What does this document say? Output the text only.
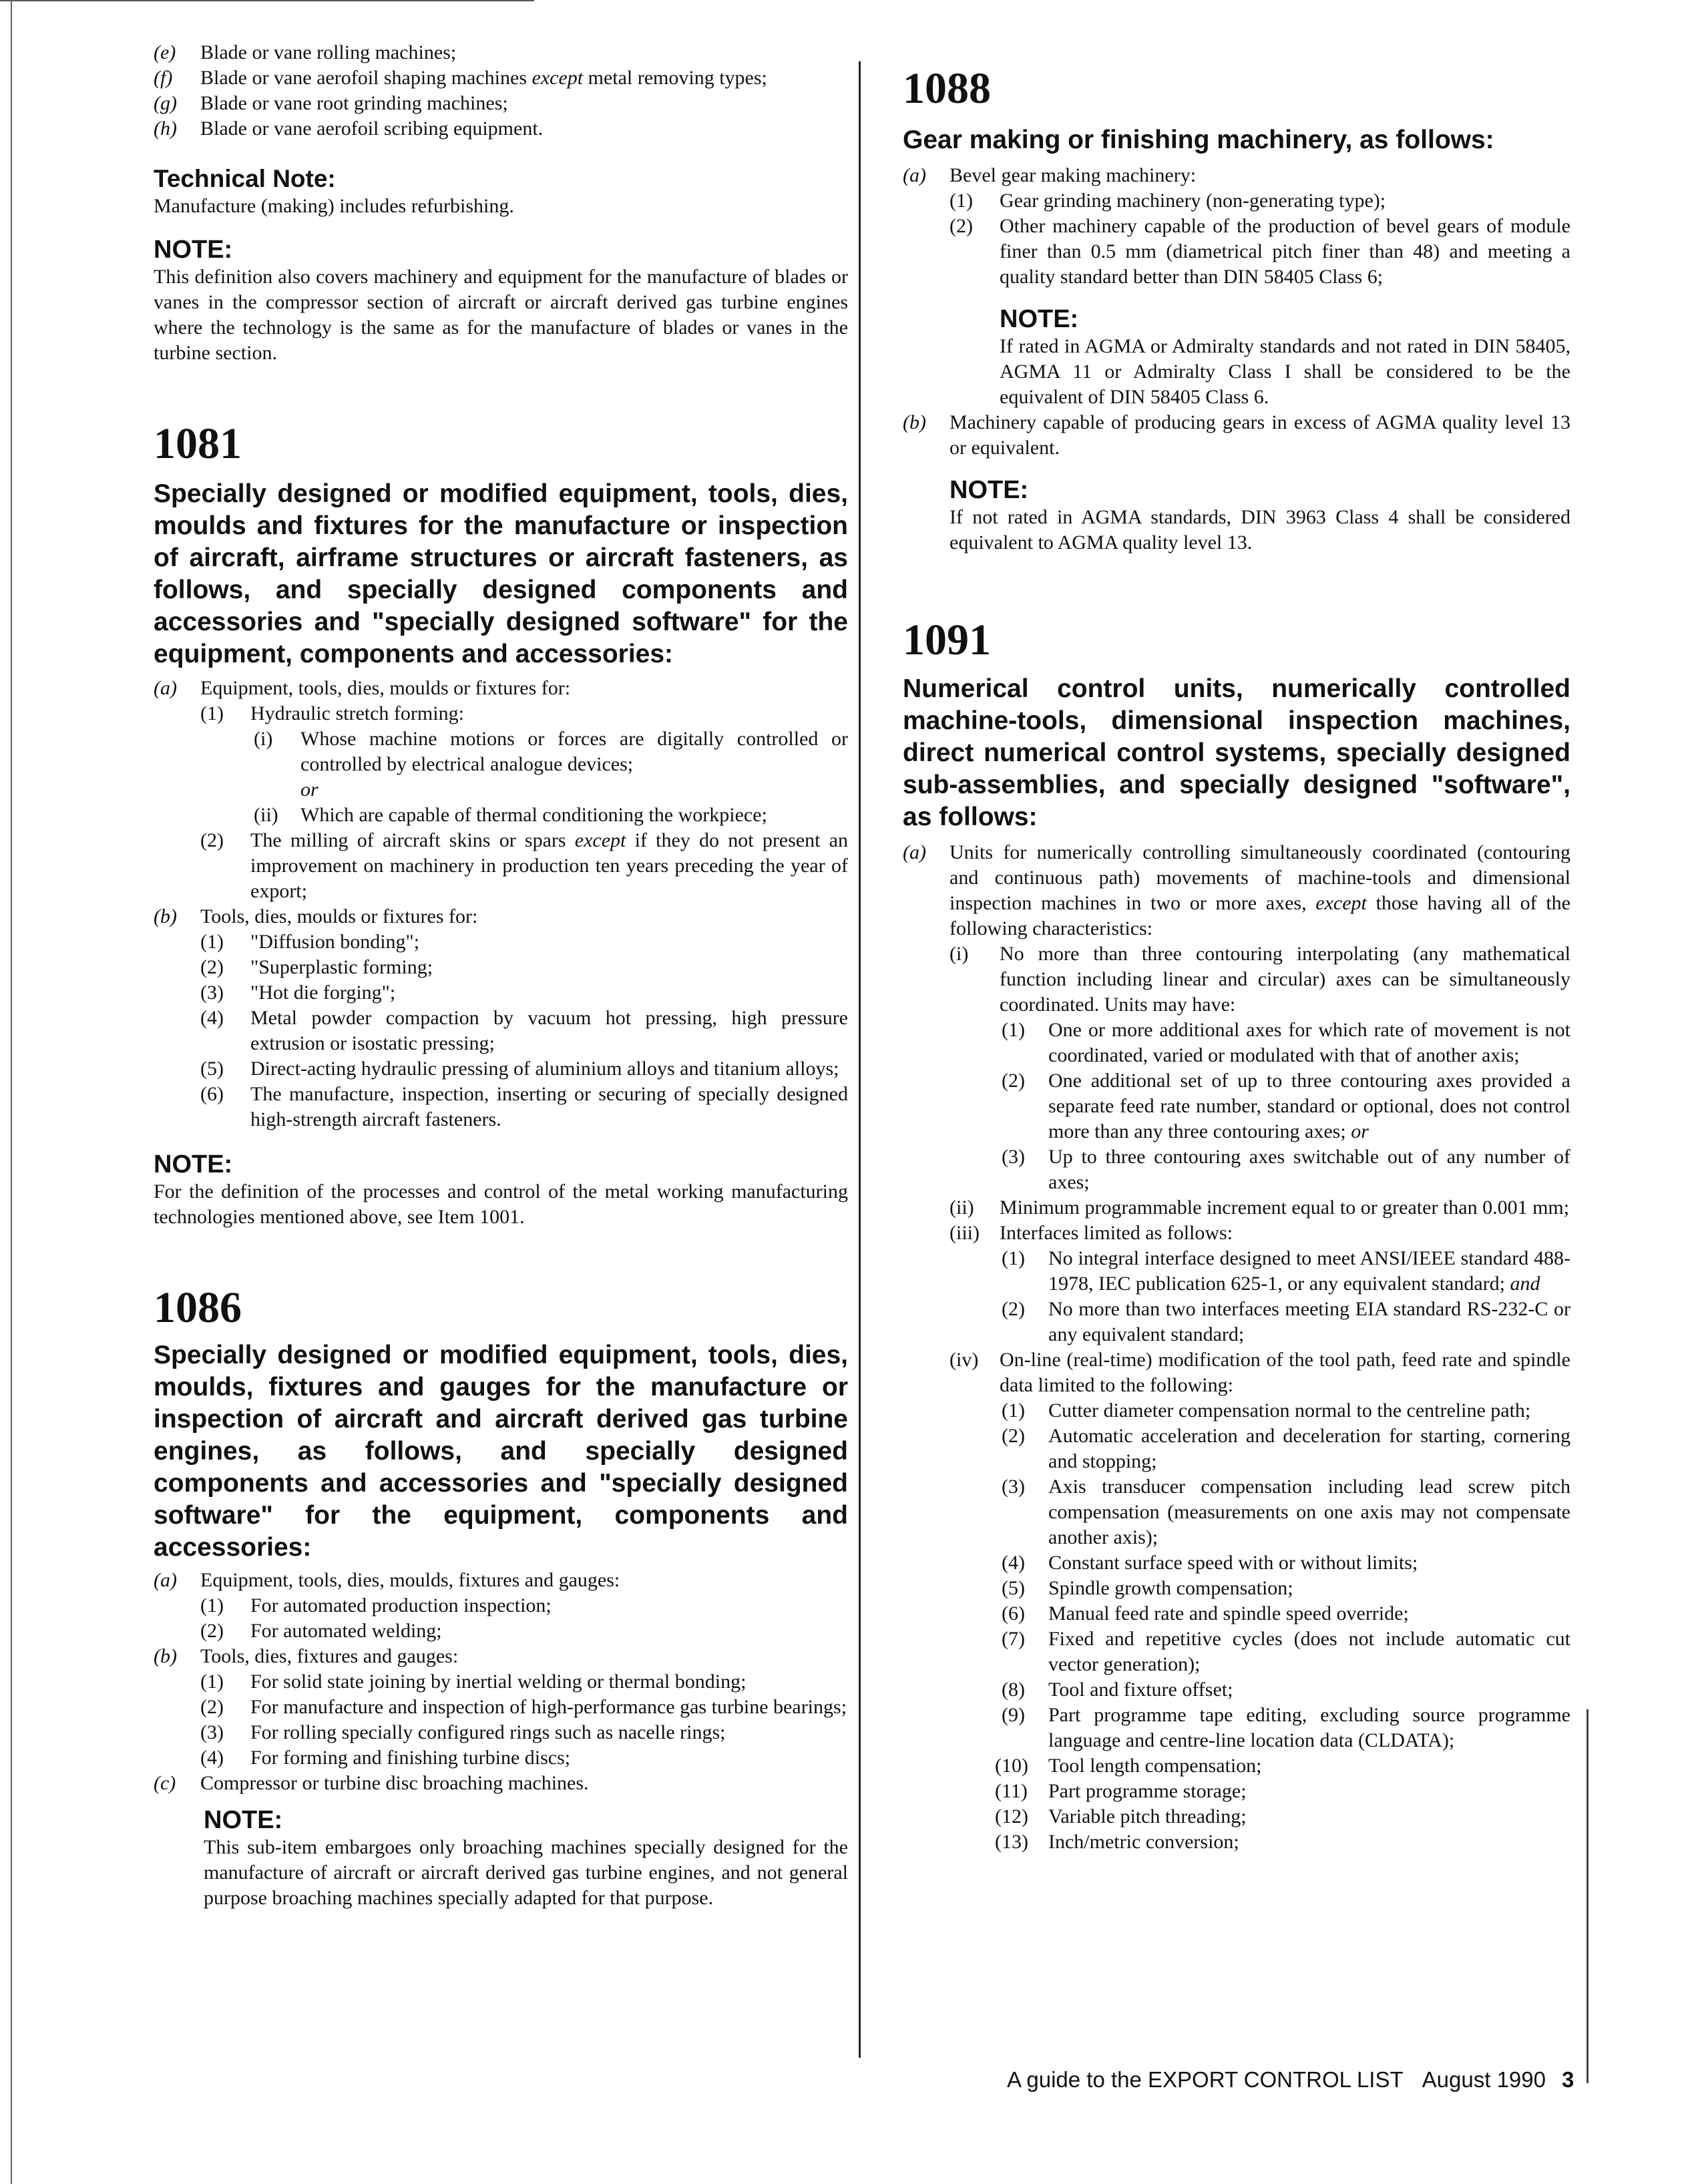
(e) Blade or vane rolling machines;
(f) Blade or vane aerofoil shaping machines except metal removing types;
(g) Blade or vane root grinding machines;
(h) Blade or vane aerofoil scribing equipment.

Technical Note:

Manufacture (making) includes refurbishing.

NOTE:

This definition also covers machinery and equipment for the manufacture of blades or vanes in the compressor section of aircraft or aircraft derived gas turbine engines where the technology is the same as for the manufacture of blades or vanes in the turbine section.

1081

Specially designed or modified equipment, tools, dies, moulds and fixtures for the manufacture or inspection of aircraft, airframe structures or aircraft fasteners, as follows, and specially designed components and accessories and "specially designed software" for the equipment, components and accessories:

(a) Equipment, tools, dies, moulds or fixtures for:
(1) Hydraulic stretch forming:
(i) Whose machine motions or forces are digitally controlled or controlled by electrical analogue devices;
or
(ii) Which are capable of thermal conditioning the workpiece;
(2) The milling of aircraft skins or spars except if they do not present an improvement on machinery in production ten years preceding the year of export;
(b) Tools, dies, moulds or fixtures for:
(1) "Diffusion bonding";
(2) "Superplastic forming;
(3) "Hot die forging";
(4) Metal powder compaction by vacuum hot pressing, high pressure extrusion or isostatic pressing;
(5) Direct-acting hydraulic pressing of aluminium alloys and titanium alloys;
(6) The manufacture, inspection, inserting or securing of specially designed high-strength aircraft fasteners.

NOTE:

For the definition of the processes and control of the metal working manufacturing technologies mentioned above, see Item 1001.

1086

Specially designed or modified equipment, tools, dies, moulds, fixtures and gauges for the manufacture or inspection of aircraft and aircraft derived gas turbine engines, as follows, and specially designed components and accessories and "specially designed software" for the equipment, components and accessories:

(a) Equipment, tools, dies, moulds, fixtures and gauges:
(1) For automated production inspection;
(2) For automated welding;
(b) Tools, dies, fixtures and gauges:
(1) For solid state joining by inertial welding or thermal bonding;
(2) For manufacture and inspection of high-performance gas turbine bearings;
(3) For rolling specially configured rings such as nacelle rings;
(4) For forming and finishing turbine discs;
(c) Compressor or turbine disc broaching machines.

NOTE:

This sub-item embargoes only broaching machines specially designed for the manufacture of aircraft or aircraft derived gas turbine engines, and not general purpose broaching machines specially adapted for that purpose.

1088

Gear making or finishing machinery, as follows:

(a) Bevel gear making machinery:
(1) Gear grinding machinery (non-generating type);
(2) Other machinery capable of the production of bevel gears of module finer than 0.5 mm (diametrical pitch finer than 48) and meeting a quality standard better than DIN 58405 Class 6;

NOTE:

If rated in AGMA or Admiralty standards and not rated in DIN 58405, AGMA 11 or Admiralty Class I shall be considered to be the equivalent of DIN 58405 Class 6.
(b) Machinery capable of producing gears in excess of AGMA quality level 13 or equivalent.

NOTE:

If not rated in AGMA standards, DIN 3963 Class 4 shall be considered equivalent to AGMA quality level 13.

1091

Numerical control units, numerically controlled machine-tools, dimensional inspection machines, direct numerical control systems, specially designed sub-assemblies, and specially designed "software", as follows:

(a) Units for numerically controlling simultaneously coordinated (contouring and continuous path) movements of machine-tools and dimensional inspection machines in two or more axes, except those having all of the following characteristics:
(i) No more than three contouring interpolating (any mathematical function including linear and circular) axes can be simultaneously coordinated. Units may have:
(1) One or more additional axes for which rate of movement is not coordinated, varied or modulated with that of another axis;
(2) One additional set of up to three contouring axes provided a separate feed rate number, standard or optional, does not control more than any three contouring axes; or
(3) Up to three contouring axes switchable out of any number of axes;
(ii) Minimum programmable increment equal to or greater than 0.001 mm;
(iii) Interfaces limited as follows:
(1) No integral interface designed to meet ANSI/IEEE standard 488-1978, IEC publication 625-1, or any equivalent standard; and
(2) No more than two interfaces meeting EIA standard RS-232-C or any equivalent standard;
(iv) On-line (real-time) modification of the tool path, feed rate and spindle data limited to the following:
(1) Cutter diameter compensation normal to the centreline path;
(2) Automatic acceleration and deceleration for starting, cornering and stopping;
(3) Axis transducer compensation including lead screw pitch compensation (measurements on one axis may not compensate another axis);
(4) Constant surface speed with or without limits;
(5) Spindle growth compensation;
(6) Manual feed rate and spindle speed override;
(7) Fixed and repetitive cycles (does not include automatic cut vector generation);
(8) Tool and fixture offset;
(9) Part programme tape editing, excluding source programme language and centre-line location data (CLDATA);
(10) Tool length compensation;
(11) Part programme storage;
(12) Variable pitch threading;
(13) Inch/metric conversion;
A guide to the EXPORT CONTROL LIST August 1990 3
